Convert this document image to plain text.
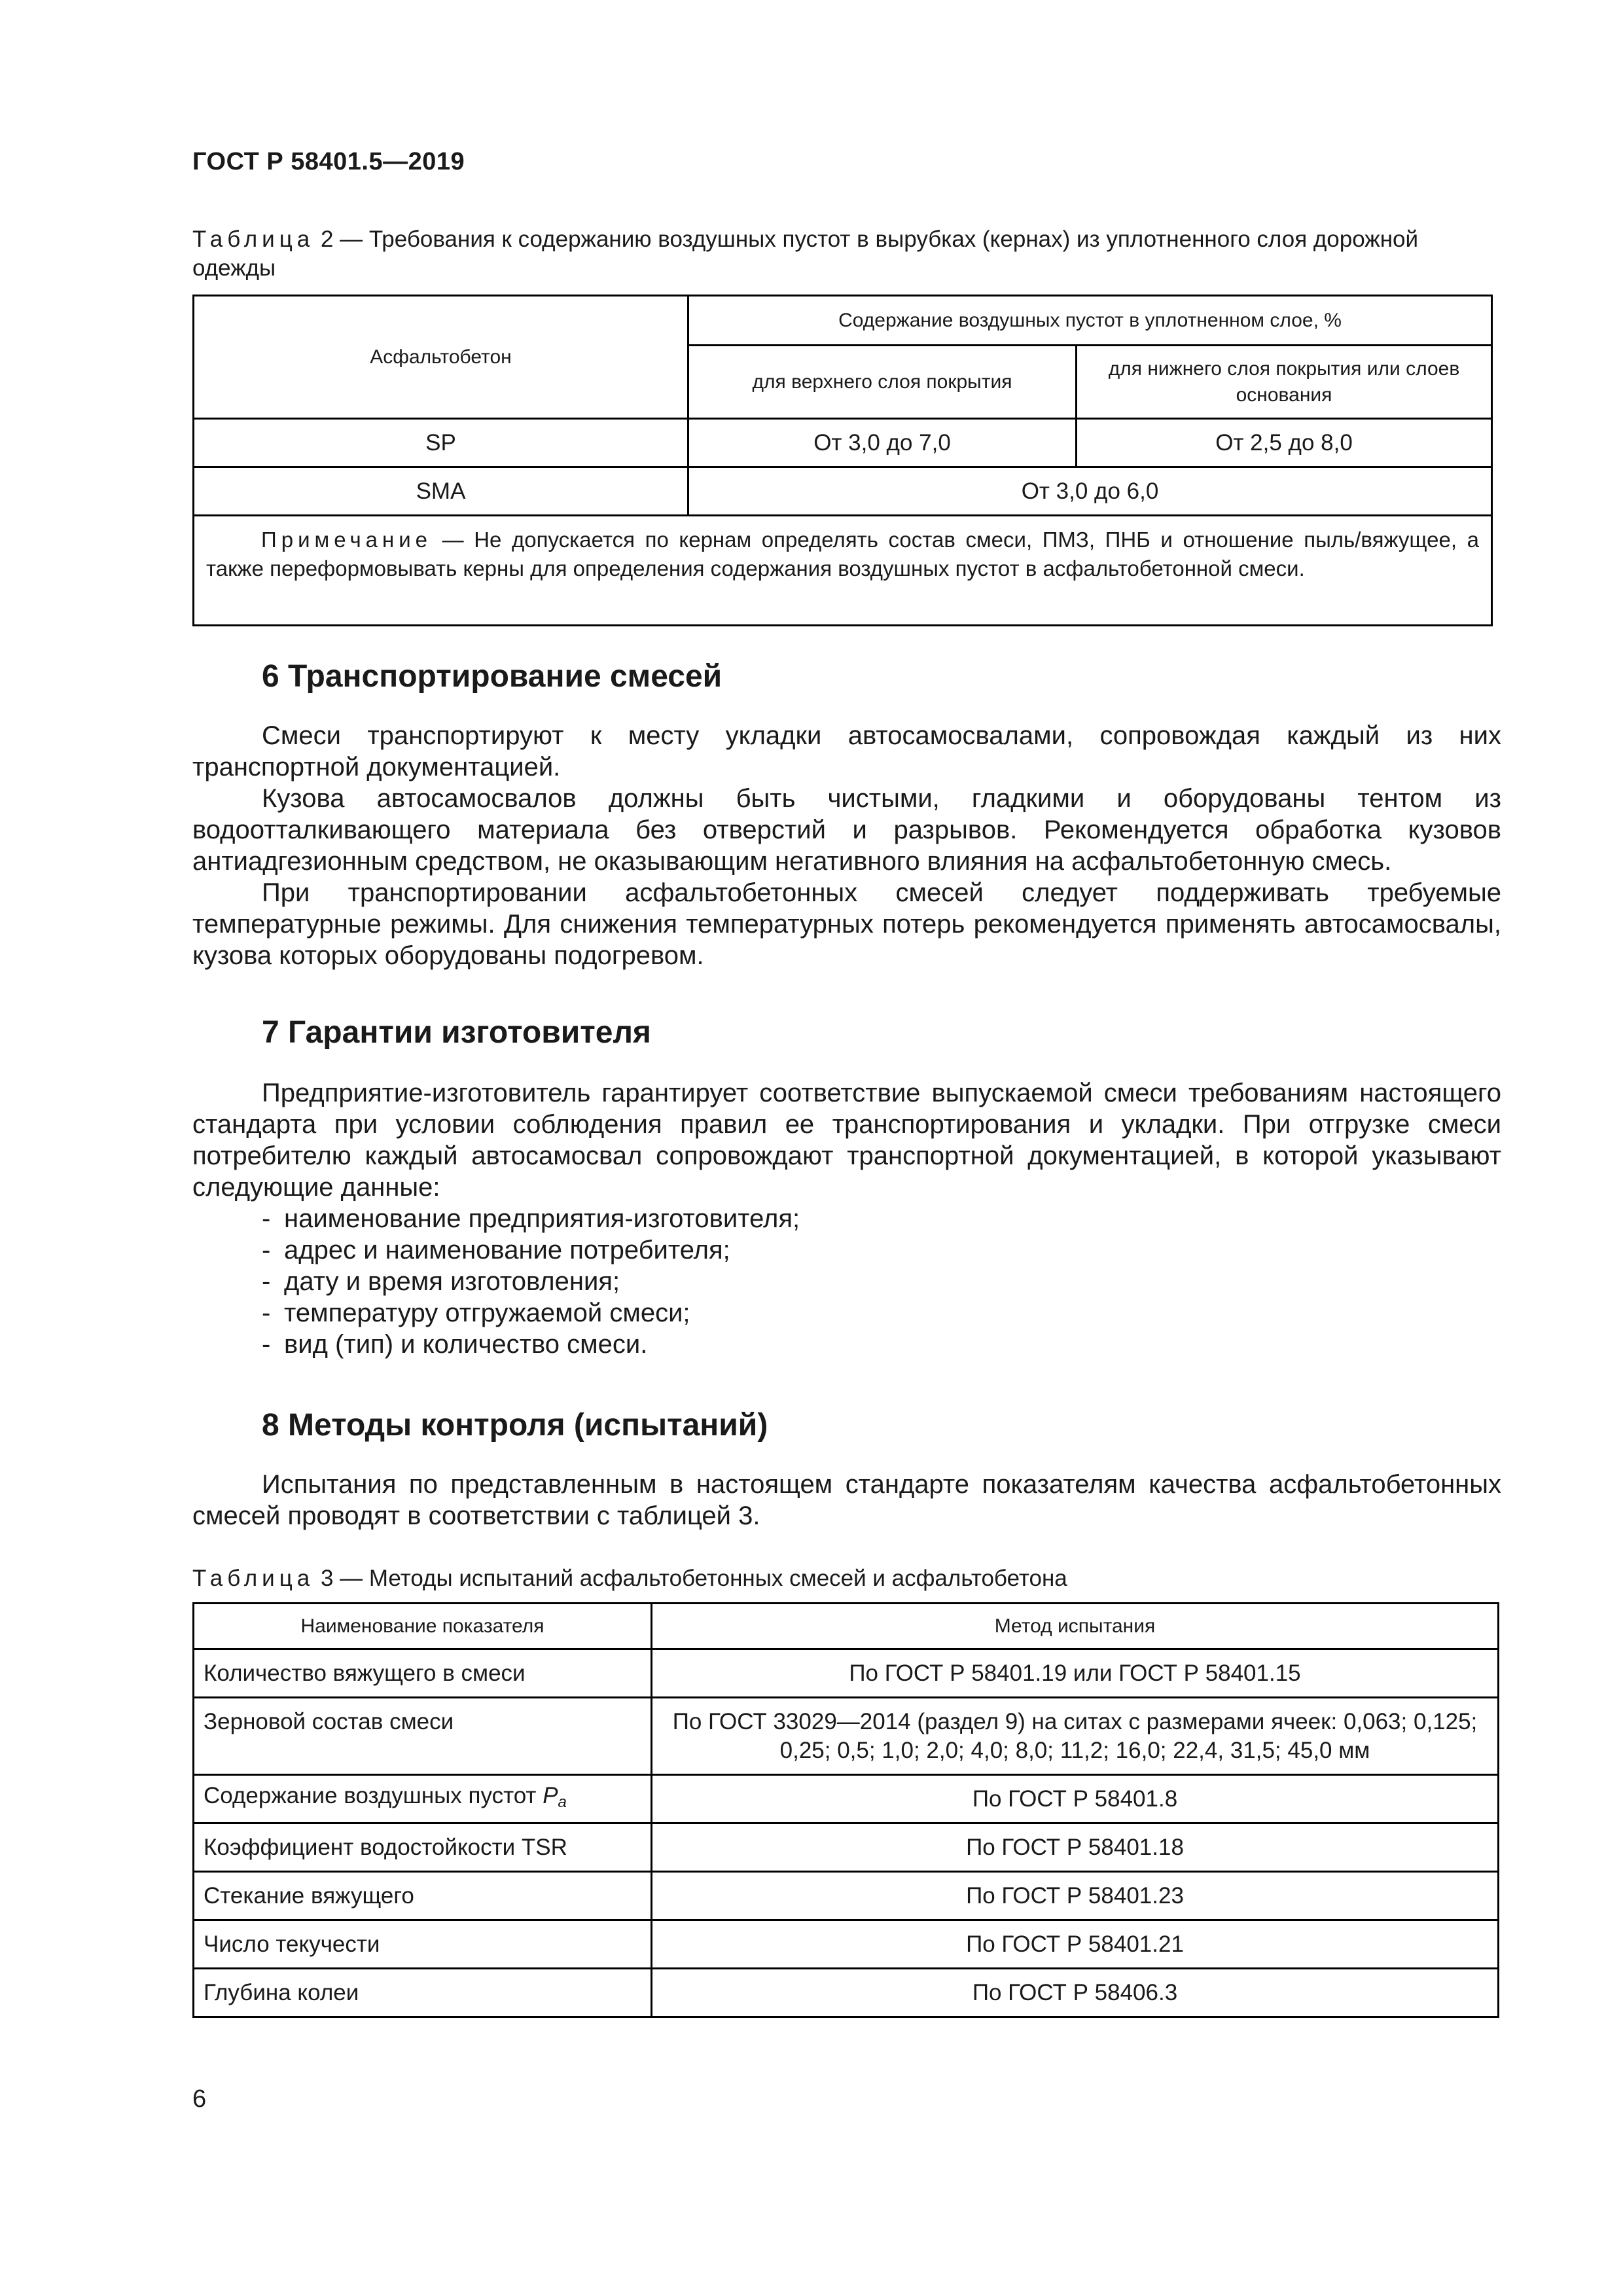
ГОСТ Р 58401.5—2019
Таблица 2 — Требования к содержанию воздушных пустот в вырубках (кернах) из уплотненного слоя дорожной одежды
Асфальтобетон	Содержание воздушных пустот в уплотненном слое, %	
	для верхнего слоя покрытия	для нижнего слоя покрытия или слоев основания
SP	От 3,0 до 7,0	От 2,5 до 8,0
SMA	От 3,0 до 6,0	
Примечание — Не допускается по кернам определять состав смеси, ПМЗ, ПНБ и отношение пыль/вяжущее, а также переформовывать керны для определения содержания воздушных пустот в асфальтобетонной смеси.		
6 Транспортирование смесей

Смеси транспортируют к месту укладки автосамосвалами, сопровождая каждый из них транспортной документацией.

Кузова автосамосвалов должны быть чистыми, гладкими и оборудованы тентом из водоотталкивающего материала без отверстий и разрывов. Рекомендуется обработка кузовов антиадгезионным средством, не оказывающим негативного влияния на асфальтобетонную смесь.

При транспортировании асфальтобетонных смесей следует поддерживать требуемые температурные режимы. Для снижения температурных потерь рекомендуется применять автосамосвалы, кузова которых оборудованы подогревом.

7 Гарантии изготовителя

Предприятие-изготовитель гарантирует соответствие выпускаемой смеси требованиям настоящего стандарта при условии соблюдения правил ее транспортирования и укладки. При отгрузке смеси потребителю каждый автосамосвал сопровождают транспортной документацией, в которой указывают следующие данные:

- наименование предприятия-изготовителя;
- адрес и наименование потребителя;
- дату и время изготовления;
- температуру отгружаемой смеси;
- вид (тип) и количество смеси.
8 Методы контроля (испытаний)

Испытания по представленным в настоящем стандарте показателям качества асфальтобетонных смесей проводят в соответствии с таблицей 3.

Таблица 3 — Методы испытаний асфальтобетонных смесей и асфальтобетона
Наименование показателя	Метод испытания
Количество вяжущего в смеси	По ГОСТ Р 58401.19 или ГОСТ Р 58401.15
Зерновой состав смеси	По ГОСТ 33029—2014 (раздел 9) на ситах с размерами ячеек: 0,063; 0,125; 0,25; 0,5; 1,0; 2,0; 4,0; 8,0; 11,2; 16,0; 22,4, 31,5; 45,0 мм
Содержание воздушных пустот $P_a$	По ГОСТ Р 58401.8
Коэффициент водостойкости TSR	По ГОСТ Р 58401.18
Стекание вяжущего	По ГОСТ Р 58401.23
Число текучести	По ГОСТ Р 58401.21
Глубина колеи	По ГОСТ Р 58406.3
6
